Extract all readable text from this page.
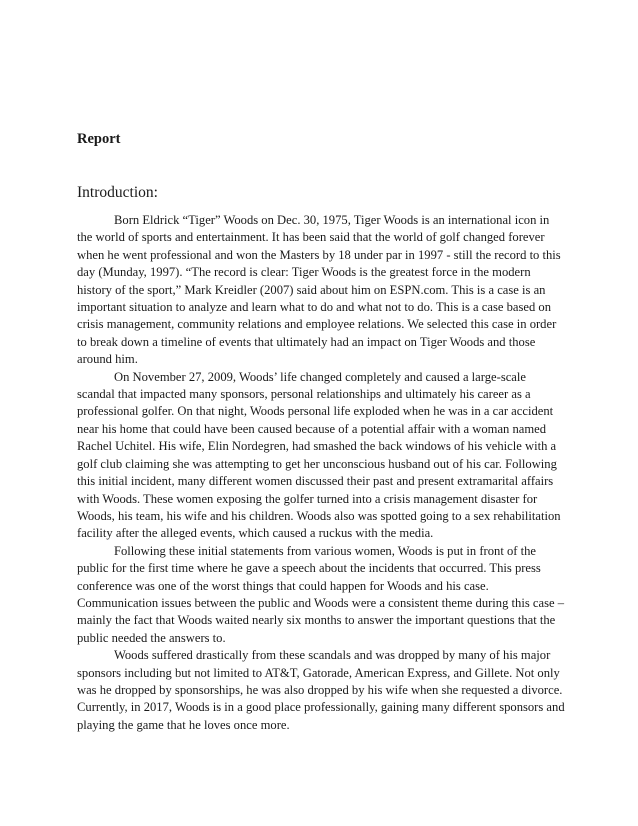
Report
Introduction:

Born Eldrick “Tiger” Woods on Dec. 30, 1975, Tiger Woods is an international icon in the world of sports and entertainment. It has been said that the world of golf changed forever when he went professional and won the Masters by 18 under par in 1997 - still the record to this day (Munday, 1997). “The record is clear: Tiger Woods is the greatest force in the modern history of the sport,” Mark Kreidler (2007) said about him on ESPN.com. This is a case is an important situation to analyze and learn what to do and what not to do. This is a case based on crisis management, community relations and employee relations. We selected this case in order to break down a timeline of events that ultimately had an impact on Tiger Woods and those around him.

On November 27, 2009, Woods’ life changed completely and caused a large-scale scandal that impacted many sponsors, personal relationships and ultimately his career as a professional golfer. On that night, Woods personal life exploded when he was in a car accident near his home that could have been caused because of a potential affair with a woman named Rachel Uchitel. His wife, Elin Nordegren, had smashed the back windows of his vehicle with a golf club claiming she was attempting to get her unconscious husband out of his car. Following this initial incident, many different women discussed their past and present extramarital affairs with Woods. These women exposing the golfer turned into a crisis management disaster for Woods, his team, his wife and his children. Woods also was spotted going to a sex rehabilitation facility after the alleged events, which caused a ruckus with the media.

Following these initial statements from various women, Woods is put in front of the public for the first time where he gave a speech about the incidents that occurred. This press conference was one of the worst things that could happen for Woods and his case. Communication issues between the public and Woods were a consistent theme during this case – mainly the fact that Woods waited nearly six months to answer the important questions that the public needed the answers to.

Woods suffered drastically from these scandals and was dropped by many of his major sponsors including but not limited to AT&T, Gatorade, American Express, and Gillete. Not only was he dropped by sponsorships, he was also dropped by his wife when she requested a divorce. Currently, in 2017, Woods is in a good place professionally, gaining many different sponsors and playing the game that he loves once more.
